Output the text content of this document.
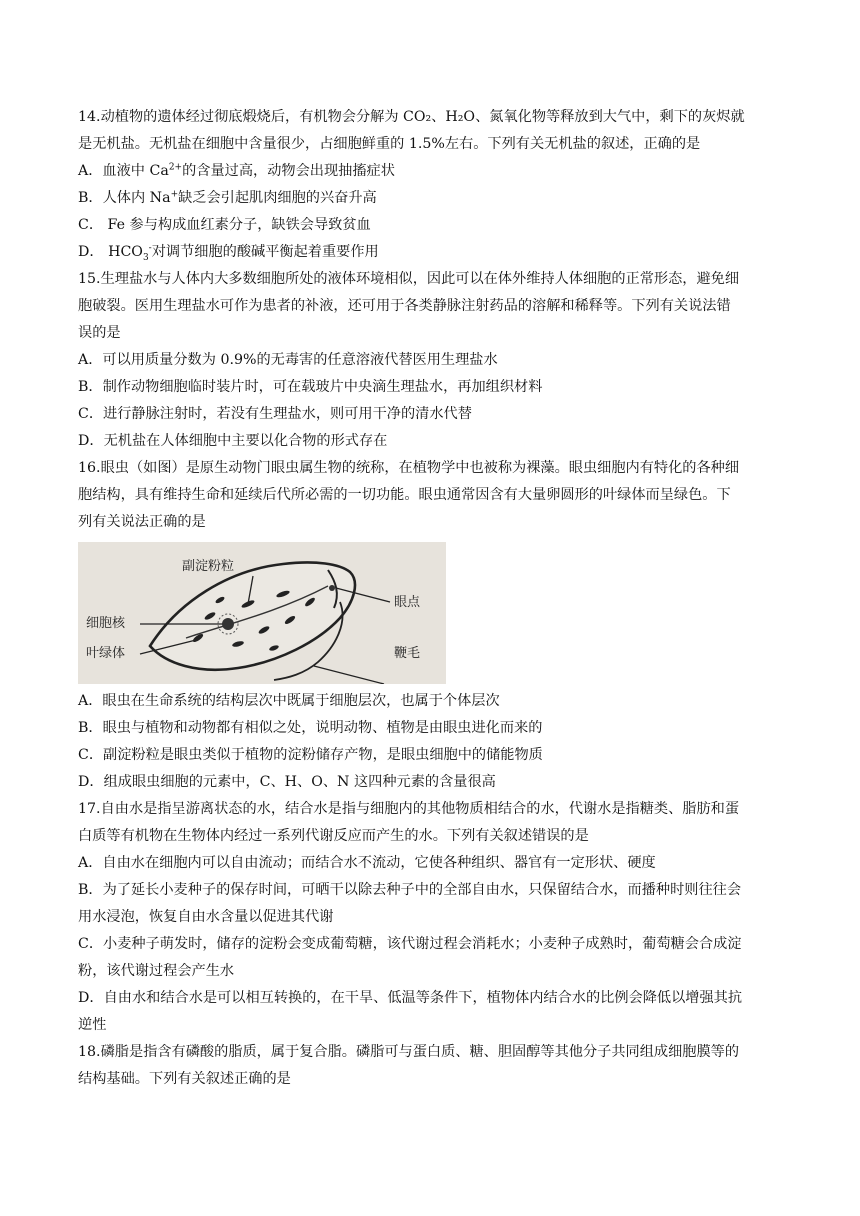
14.动植物的遗体经过彻底煅烧后，有机物会分解为 CO₂、H₂O、氮氧化物等释放到大气中，剩下的灰烬就
是无机盐。无机盐在细胞中含量很少，占细胞鲜重的 1.5%左右。下列有关无机盐的叙述，正确的是
A．血液中 $Ca^{2+}$的含量过高，动物会出现抽搐症状
B．人体内 Na+缺乏会引起肌肉细胞的兴奋升高
C． Fe 参与构成血红素分子，缺铁会导致贫血
D． $HCO_3^-$对调节细胞的酸碱平衡起着重要作用
15.生理盐水与人体内大多数细胞所处的液体环境相似，因此可以在体外维持人体细胞的正常形态，避免细
胞破裂。医用生理盐水可作为患者的补液，还可用于各类静脉注射药品的溶解和稀释等。下列有关说法错
误的是
A．可以用质量分数为 0.9%的无毒害的任意溶液代替医用生理盐水
B．制作动物细胞临时装片时，可在载玻片中央滴生理盐水，再加组织材料
C．进行静脉注射时，若没有生理盐水，则可用干净的清水代替
D．无机盐在人体细胞中主要以化合物的形式存在
16.眼虫（如图）是原生动物门眼虫属生物的统称，在植物学中也被称为裸藻。眼虫细胞内有特化的各种细
胞结构，具有维持生命和延续后代所必需的一切功能。眼虫通常因含有大量卵圆形的叶绿体而呈绿色。下
列有关说法正确的是
副淀粉粒
眼点
细胞核
叶绿体	鞭毛
A．眼虫在生命系统的结构层次中既属于细胞层次，也属于个体层次
B．眼虫与植物和动物都有相似之处，说明动物、植物是由眼虫进化而来的
C．副淀粉粒是眼虫类似于植物的淀粉储存产物，是眼虫细胞中的储能物质
D．组成眼虫细胞的元素中，C、H、O、N 这四种元素的含量很高
17.自由水是指呈游离状态的水，结合水是指与细胞内的其他物质相结合的水，代谢水是指糖类、脂肪和蛋
白质等有机物在生物体内经过一系列代谢反应而产生的水。下列有关叙述错误的是
A．自由水在细胞内可以自由流动；而结合水不流动，它使各种组织、器官有一定形状、硬度
B．为了延长小麦种子的保存时间，可晒干以除去种子中的全部自由水，只保留结合水，而播种时则往往会
用水浸泡，恢复自由水含量以促进其代谢
C．小麦种子萌发时，储存的淀粉会变成葡萄糖，该代谢过程会消耗水；小麦种子成熟时，葡萄糖会合成淀
粉，该代谢过程会产生水
D．自由水和结合水是可以相互转换的，在干旱、低温等条件下，植物体内结合水的比例会降低以增强其抗
逆性
18.磷脂是指含有磷酸的脂质，属于复合脂。磷脂可与蛋白质、糖、胆固醇等其他分子共同组成细胞膜等的
结构基础。下列有关叙述正确的是
